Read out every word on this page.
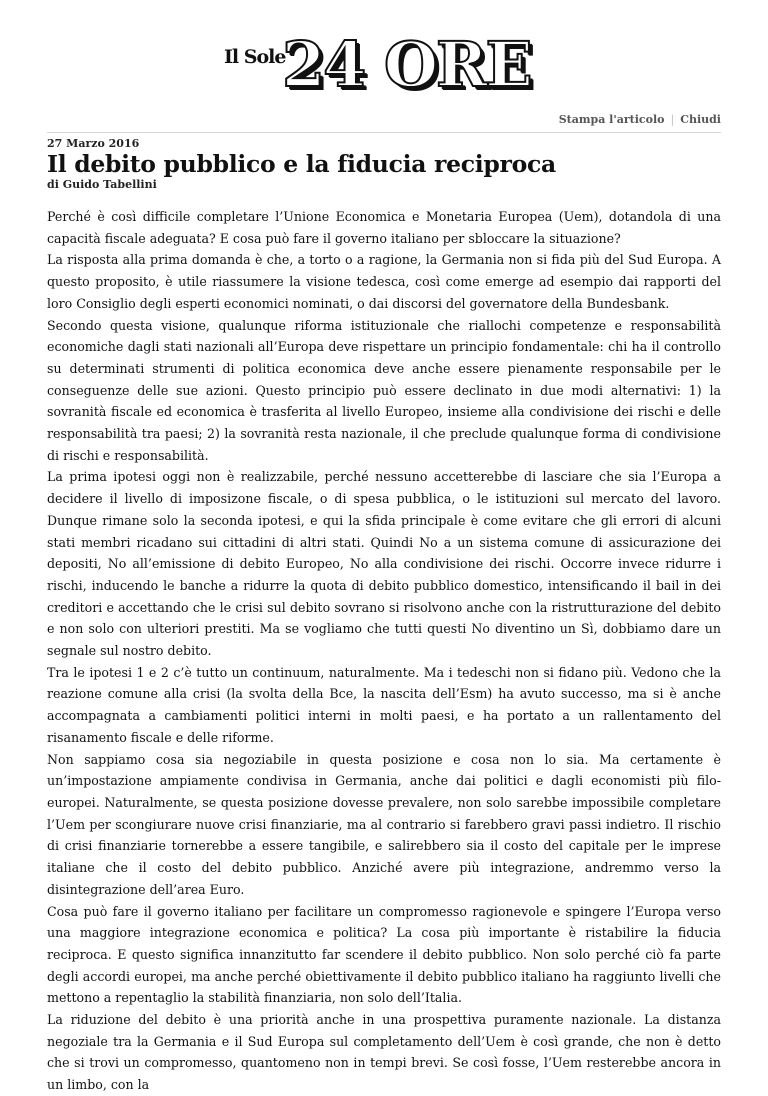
Il Sole
24 ORE
Stampa l'articolo | Chiudi
27 Marzo 2016
Il debito pubblico e la fiducia reciproca
di Guido Tabellini

Perché è così difficile completare l’Unione Economica e Monetaria Europea (Uem), dotandola di una capacità fiscale adeguata? E cosa può fare il governo italiano per sbloccare la situazione?

La risposta alla prima domanda è che, a torto o a ragione, la Germania non si fida più del Sud Europa. A questo proposito, è utile riassumere la visione tedesca, così come emerge ad esempio dai rapporti del loro Consiglio degli esperti economici nominati, o dai discorsi del governatore della Bundesbank.

Secondo questa visione, qualunque riforma istituzionale che riallochi competenze e responsabilità economiche dagli stati nazionali all’Europa deve rispettare un principio fondamentale: chi ha il controllo su determinati strumenti di politica economica deve anche essere pienamente responsabile per le conseguenze delle sue azioni. Questo principio può essere declinato in due modi alternativi: 1) la sovranità fiscale ed economica è trasferita al livello Europeo, insieme alla condivisione dei rischi e delle responsabilità tra paesi; 2) la sovranità resta nazionale, il che preclude qualunque forma di condivisione di rischi e responsabilità.

La prima ipotesi oggi non è realizzabile, perché nessuno accetterebbe di lasciare che sia l’Europa a decidere il livello di imposizone fiscale, o di spesa pubblica, o le istituzioni sul mercato del lavoro. Dunque rimane solo la seconda ipotesi, e qui la sfida principale è come evitare che gli errori di alcuni stati membri ricadano sui cittadini di altri stati. Quindi No a un sistema comune di assicurazione dei depositi, No all’emissione di debito Europeo, No alla condivisione dei rischi. Occorre invece ridurre i rischi, inducendo le banche a ridurre la quota di debito pubblico domestico, intensificando il bail in dei creditori e accettando che le crisi sul debito sovrano si risolvono anche con la ristrutturazione del debito e non solo con ulteriori prestiti. Ma se vogliamo che tutti questi No diventino un Sì, dobbiamo dare un segnale sul nostro debito.

Tra le ipotesi 1 e 2 c’è tutto un continuum, naturalmente. Ma i tedeschi non si fidano più. Vedono che la reazione comune alla crisi (la svolta della Bce, la nascita dell’Esm) ha avuto successo, ma si è anche accompagnata a cambiamenti politici interni in molti paesi, e ha portato a un rallentamento del risanamento fiscale e delle riforme.

Non sappiamo cosa sia negoziabile in questa posizione e cosa non lo sia. Ma certamente è un’impostazione ampiamente condivisa in Germania, anche dai politici e dagli economisti più filo-europei. Naturalmente, se questa posizione dovesse prevalere, non solo sarebbe impossibile completare l’Uem per scongiurare nuove crisi finanziarie, ma al contrario si farebbero gravi passi indietro. Il rischio di crisi finanziarie tornerebbe a essere tangibile, e salirebbero sia il costo del capitale per le imprese italiane che il costo del debito pubblico. Anziché avere più integrazione, andremmo verso la disintegrazione dell’area Euro.

Cosa può fare il governo italiano per facilitare un compromesso ragionevole e spingere l’Europa verso una maggiore integrazione economica e politica? La cosa più importante è ristabilire la fiducia reciproca. E questo significa innanzitutto far scendere il debito pubblico. Non solo perché ciò fa parte degli accordi europei, ma anche perché obiettivamente il debito pubblico italiano ha raggiunto livelli che mettono a repentaglio la stabilità finanziaria, non solo dell’Italia.

La riduzione del debito è una priorità anche in una prospettiva puramente nazionale. La distanza negoziale tra la Germania e il Sud Europa sul completamento dell’Uem è così grande, che non è detto che si trovi un compromesso, quantomeno non in tempi brevi. Se così fosse, l’Uem resterebbe ancora in un limbo, con la
